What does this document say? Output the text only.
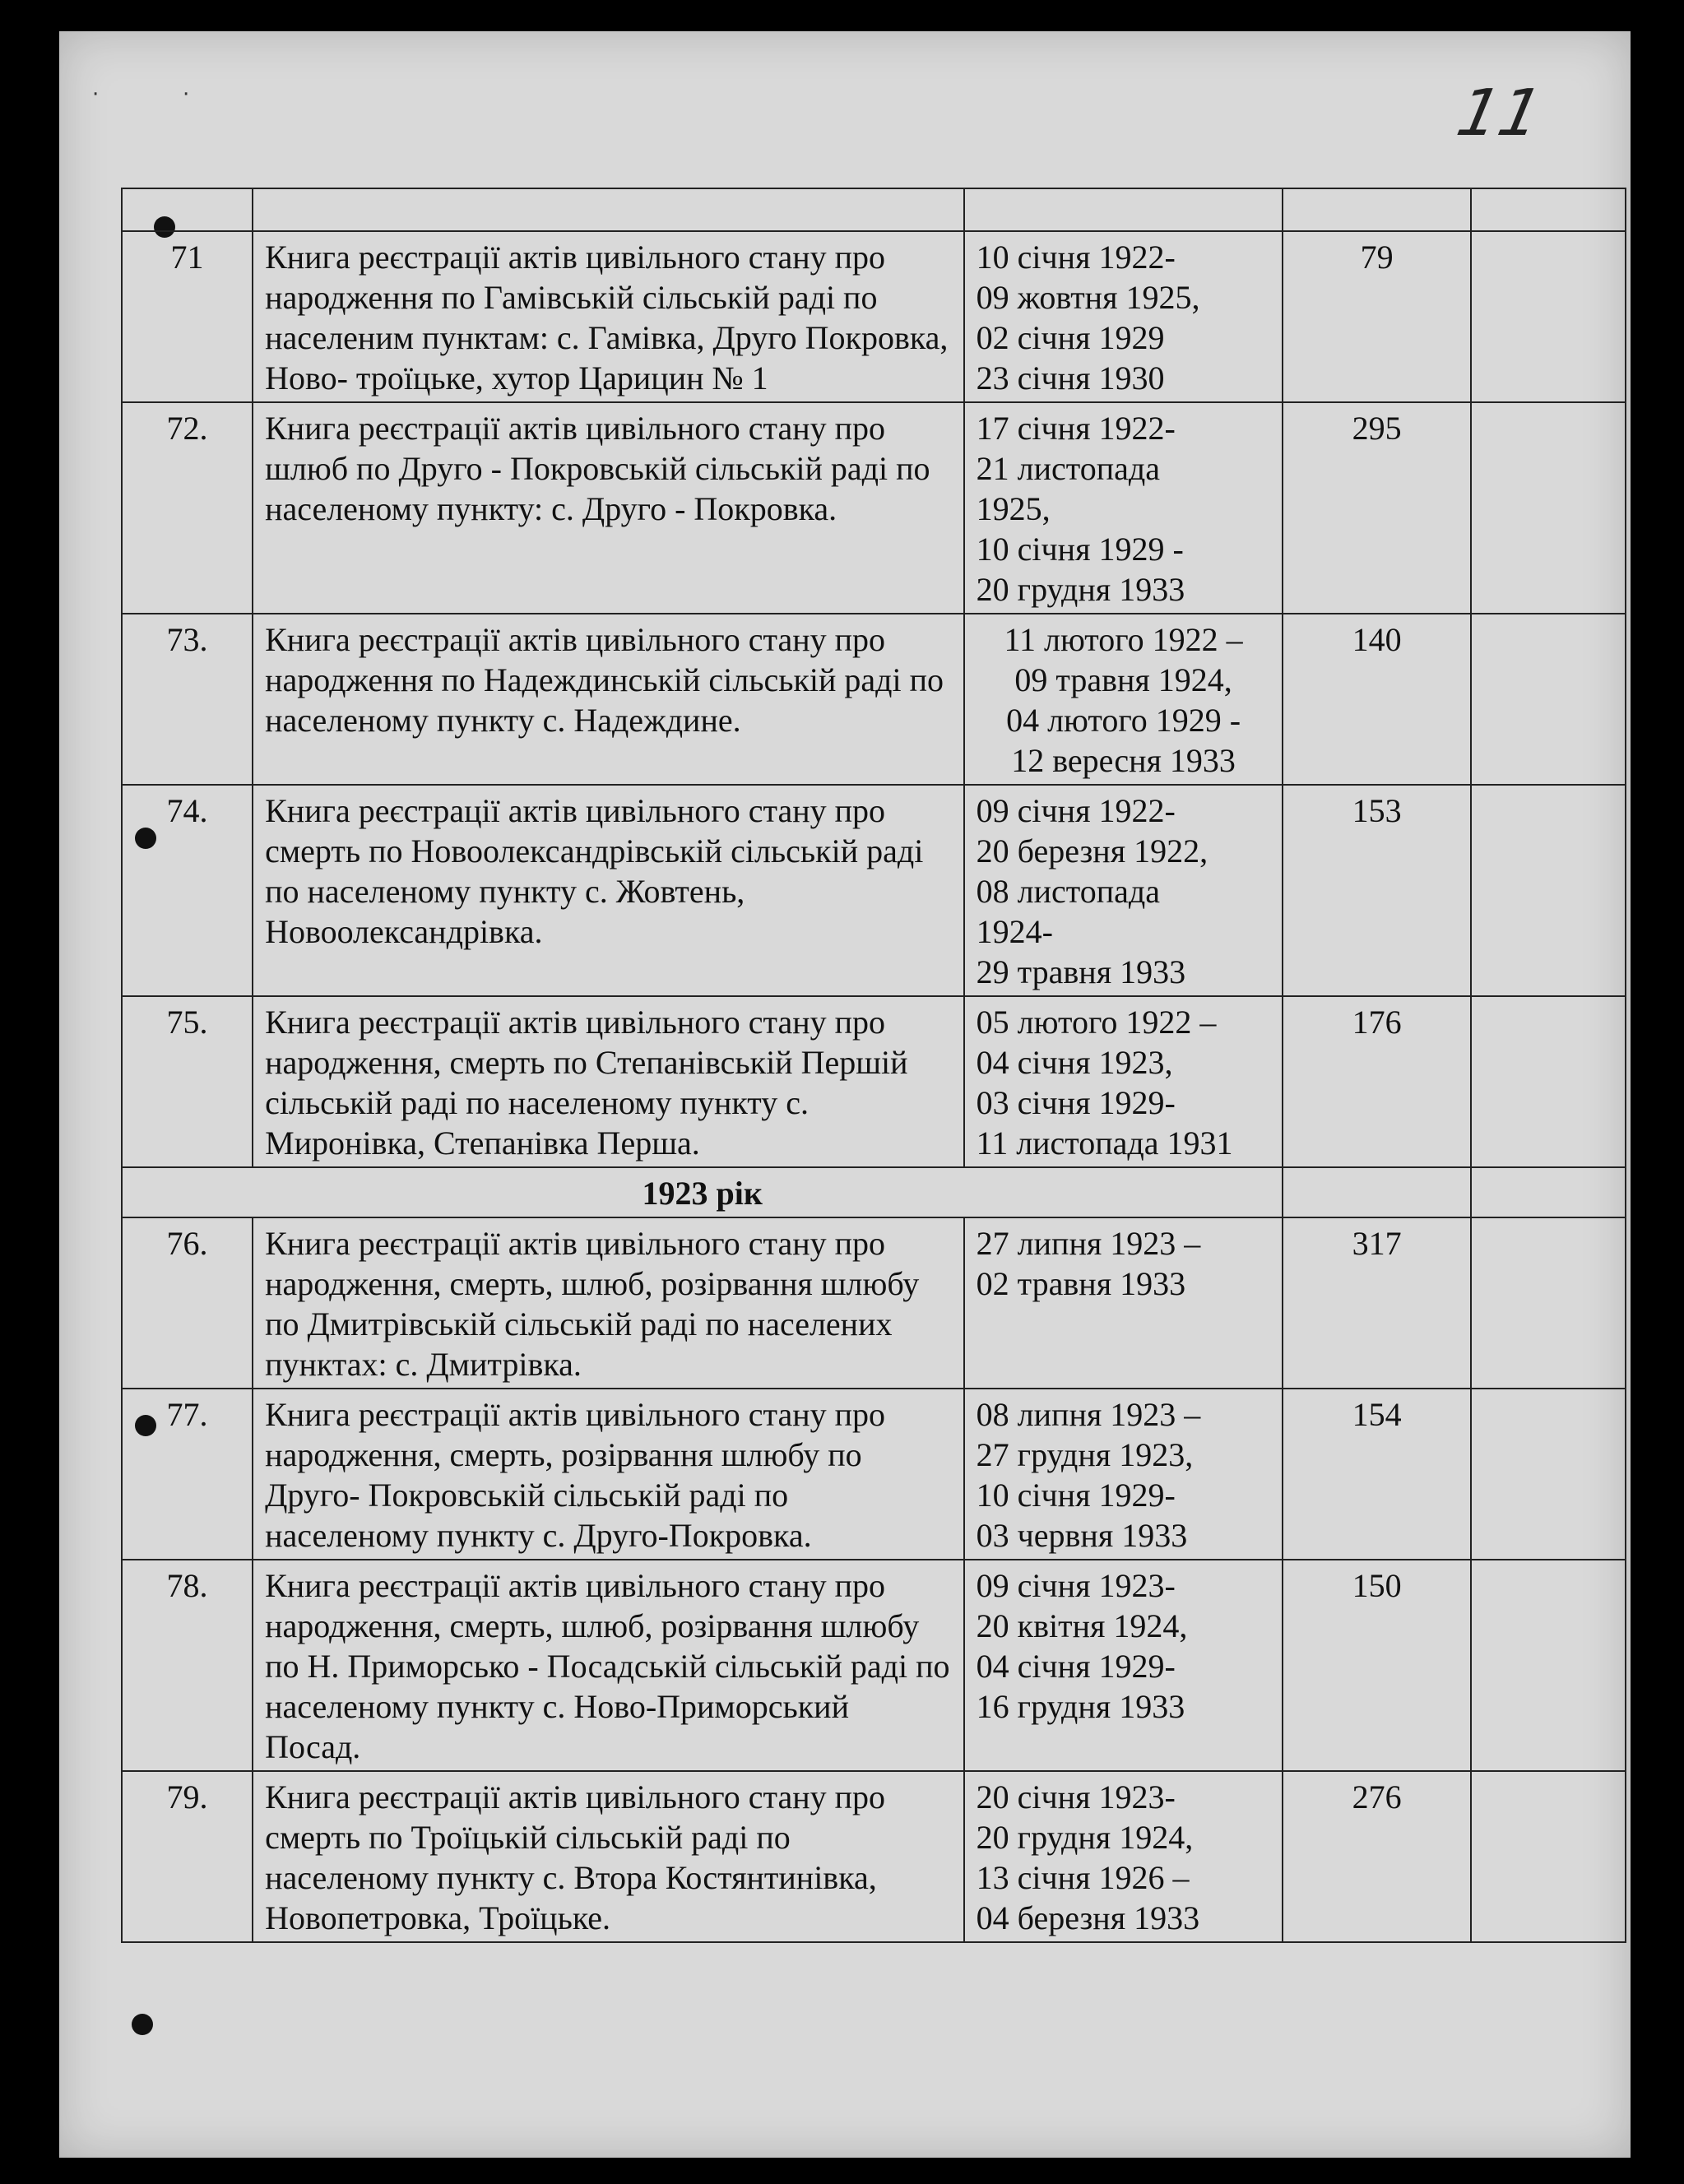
11
·	·

71	Книга реєстрації актів цивільного стану про народження по Гамівській сільській раді по населеним пунктам: с. Гамівка, Друго Покровка, Ново- троїцьке, хутор Царицин № 1	10 січня 1922-
09 жовтня 1925,
02 січня 1929
23 січня 1930	79	
72.	Книга реєстрації актів цивільного стану про шлюб по Друго - Покровській сільській раді по населеному пункту: с. Друго - Покровка.	17 січня 1922-
21 листопада
1925,
10 січня 1929 -
20 грудня 1933	295	
73.	Книга реєстрації актів цивільного стану про народження по Надеждинській сільській раді по населеному пункту с. Надеждине.	11 лютого 1922 –
09 травня 1924,
04 лютого 1929 -
12 вересня 1933	140	
74.	Книга реєстрації актів цивільного стану про смерть по Новоолександрівській сільській раді по населеному пункту с. Жовтень, Новоолександрівка.	09 січня 1922-
20 березня 1922,
08 листопада
1924-
29 травня 1933	153	
75.	Книга реєстрації актів цивільного стану про народження, смерть по Степанівській Першій сільській раді по населеному пункту с. Миронівка, Степанівка Перша.	05 лютого 1922 –
04 січня 1923,
03 січня 1929-
11 листопада 1931	176	
1923 рік				
76.	Книга реєстрації актів цивільного стану про народження, смерть, шлюб, розірвання шлюбу по Дмитрівській сільській раді по населених пунктах: с. Дмитрівка.	27 липня 1923 –
02 травня 1933	317	
77.	Книга реєстрації актів цивільного стану про народження, смерть, розірвання шлюбу по Друго- Покровській сільській раді по населеному пункту с. Друго-Покровка.	08 липня 1923 –
27 грудня 1923,
10 січня 1929-
03 червня 1933	154	
78.	Книга реєстрації актів цивільного стану про народження, смерть, шлюб, розірвання шлюбу по Н. Приморсько - Посадській сільській раді по населеному пункту с. Ново-Приморський Посад.	09 січня 1923-
20 квітня 1924,
04 січня 1929-
16 грудня 1933	150	
79.	Книга реєстрації актів цивільного стану про смерть по Троїцькій сільській раді по населеному пункту с. Втора Костянтинівка, Новопетровка, Троїцьке.	20 січня 1923-
20 грудня 1924,
13 січня 1926 –
04 березня 1933	276	
